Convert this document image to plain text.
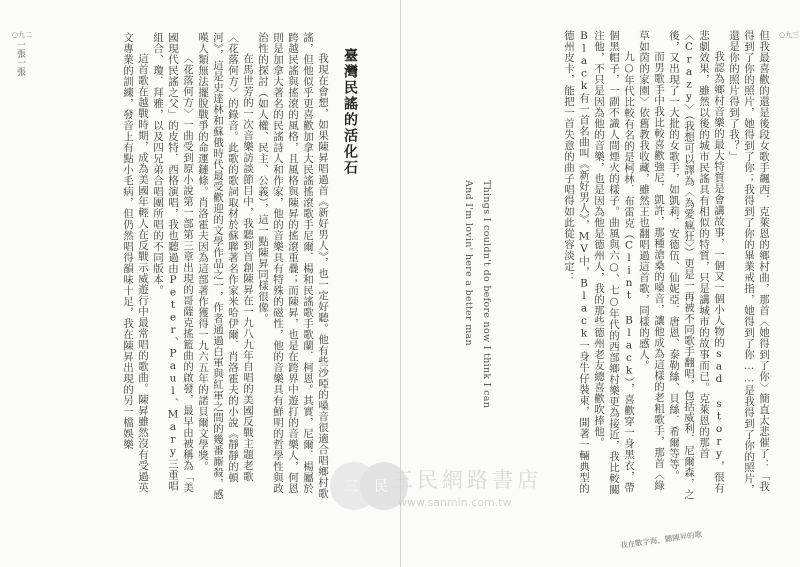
一張一張
○九二

我現在會想，如果陳昇唱過首《新好男人》，也一定好聽。他有些沙啞的嗓音很適合唱鄉村歌謠，但他似乎更喜歡加拿大民謠搖滾歌手尼爾．楊和民謠歌手歌蘭．柯恩。其實，尼爾．楊屬於跨越民謠與搖滾的風格，且風格與陳昇的搖滾重疊；而陳昇，也是在跨界中遊打的音樂人，何恩則是加拿大著名的民謠詩人和作家，他的音樂具有特殊的磁性，他的音樂具有鮮明的哲學性與政治性的探討（如人權、民主、公義），這一點陳昇同樣很像。

在馬世芳的一次音樂訪談節目中，我聽到首創陳昇在一九八九年自唱的美國反戰主題老歌〈花落何方〉的錄音。此歌的歌詞取材於蘇聯著名作家米哈伊爾．肖洛霍夫的小說《靜靜的頓河》，這是史達林和蘇俄時代最受歡迎的文學作品之一，作者通過白軍與紅軍之間的幾番廝殺，感嘆人類無法擺脫戰爭的命運鏈條。肖洛霍夫因為這部著作獲得一九六五年的諾貝爾文學獎。

〈花落何方〉一曲受到原小說第一部第三章出現的哥薩克搖籃曲的啟發，最早由被稱為「美國現代民謠之父」的皮特．西格演唱，我也聽過由Peter、Paul、Mary三重唱組合、瓊．拜雅，以及四兄弟合唱團所唱的不同版本。

這首歌在越戰時期，成為美國年輕人在反戰示威遊行中最常唱的歌曲。陳昇雖然沒有受過英文專業的訓練，發音上有點小毛病，但仍然唱得韻味十足，我在陳昇出現的另一檔娛樂	臺灣民謠的活化石
And I'm lovin' here a better man Things I couldn't do before now I think I can	但我最喜歡的還是後段女歌手飆西．克萊恩的鄉村曲，那首〈她得到了你〉簡直太悲催了：「我得到了你的照片，她得到了你；我得到了你的畢業戒指，她得到了你……是我得到了你的照片，還是你的照片得到了我？」

我認為鄉村音樂的最大特質是會講故事，一個又一個小人物的sad story，很有悲劇效果，雖然以後的城市民謠具有相似的特質，只是講城市的故事而已。克萊恩的那首〈Crazy〉（我想可以譯為〈為愛瘋狂〉）更是一再被不同歌手翻唱，包括威利．尼爾森，之後，又出現了一大批的女歌手，如凱莉．安德伍、仙妮亞．唐恩、泰勒絲、貝絲．希爾等等。

而男歌手中我比較喜歡強尼．凱許，那種滄桑的嗓音，讓他成為這樣的老粗歌手，那首〈綠草如茵的家園〉依舊教我收藏，雖然王也翻唱過這首歌，同樣的感人。

九○年代比較有名的是柯林．布雷克（Clint Black），喜歡穿一身黑衣，帶個黑帽子，一副不識人間煙火的樣子。曲風與六○、七○年代的西部鄉村樂更為接近，我比較關注他，不只是因為他的音樂，也是因為他是德州人，我的那些德州老友總喜歡吹捧他。Black有一首名曲叫《新好男人》，MV中，Black一身牛仔裝束，開著一輛典型的德州皮卡，能把一首失意的曲子唱得如此從容淡定：	○九三
我在數字海，聽陳昇的歌
三 民 三民網路書店
www.sanmin.com.tw
